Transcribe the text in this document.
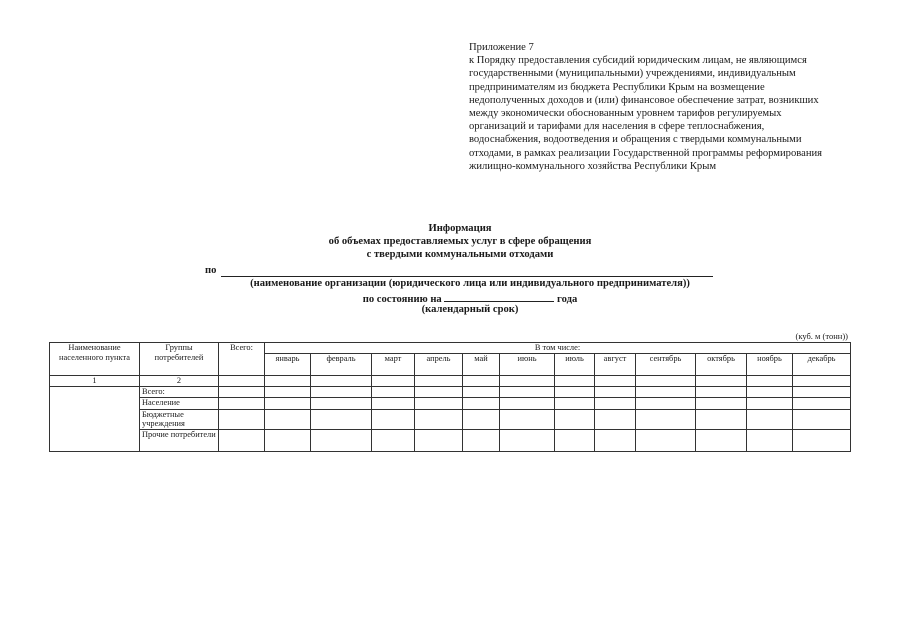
Приложение 7
к Порядку предоставления субсидий юридическим лицам, не являющимся
государственными (муниципальными) учреждениями, индивидуальным
предпринимателям из бюджета Республики Крым на возмещение
недополученных доходов и (или) финансовое обеспечение затрат, возникших
между экономически обоснованным уровнем тарифов регулируемых
организаций и тарифами для населения в сфере теплоснабжения,
водоснабжения, водоотведения и обращения с твердыми коммунальными
отходами, в рамках реализации Государственной программы реформирования
жилищно-коммунального хозяйства Республики Крым
Информация
об объемах предоставляемых услуг в сфере обращения
с твердыми коммунальными отходами
по
(наименование организации (юридического лица или индивидуального предпринимателя))
по состоянию на	года
(календарный срок)
(куб. м (тонн))
Наименование населенного пункта	Группы потребителей	Всего:	В том числе:											
			январь	февраль	март	апрель	май	июнь	июль	август	сентябрь	октябрь	ноябрь	декабрь
1	2													
	Всего:													
	Население													
	Бюджетные учреждения													
	Прочие потребители													
